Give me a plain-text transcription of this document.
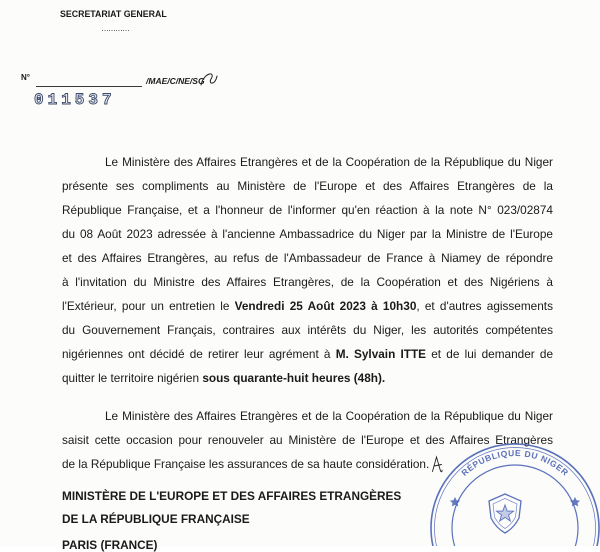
SECRETARIAT GENERAL
…………
N°	/MAE/C/NE/SG
011537
Le Ministère des Affaires Etrangères et de la Coopération de la République du Niger
présente ses compliments au Ministère de l'Europe et des Affaires Etrangères de la
République Française, et a l'honneur de l'informer qu'en réaction à la note N° 023/02874
du 08 Août 2023 adressée à l'ancienne Ambassadrice du Niger par la Ministre de l'Europe
et des Affaires Etrangères, au refus de l'Ambassadeur de France à Niamey de répondre
à l'invitation du Ministre des Affaires Etrangères, de la Coopération et des Nigériens à
l'Extérieur, pour un entretien le Vendredi 25 Août 2023 à 10h30, et d'autres agissements
du Gouvernement Français, contraires aux intérêts du Niger, les autorités compétentes
nigériennes ont décidé de retirer leur agrément à M. Sylvain ITTE et de lui demander de
quitter le territoire nigérien sous quarante-huit heures (48h).
Le Ministère des Affaires Etrangères et de la Coopération de la République du Niger
saisit cette occasion pour renouveler au Ministère de l'Europe et des Affaires Etrangères
de la République Française les assurances de sa haute considération.
MINISTÈRE DE L'EUROPE ET DES AFFAIRES ETRANGÈRES
DE LA RÉPUBLIQUE FRANÇAISE
PARIS (FRANCE)
RÉPUBLIQUE DU NIGER
